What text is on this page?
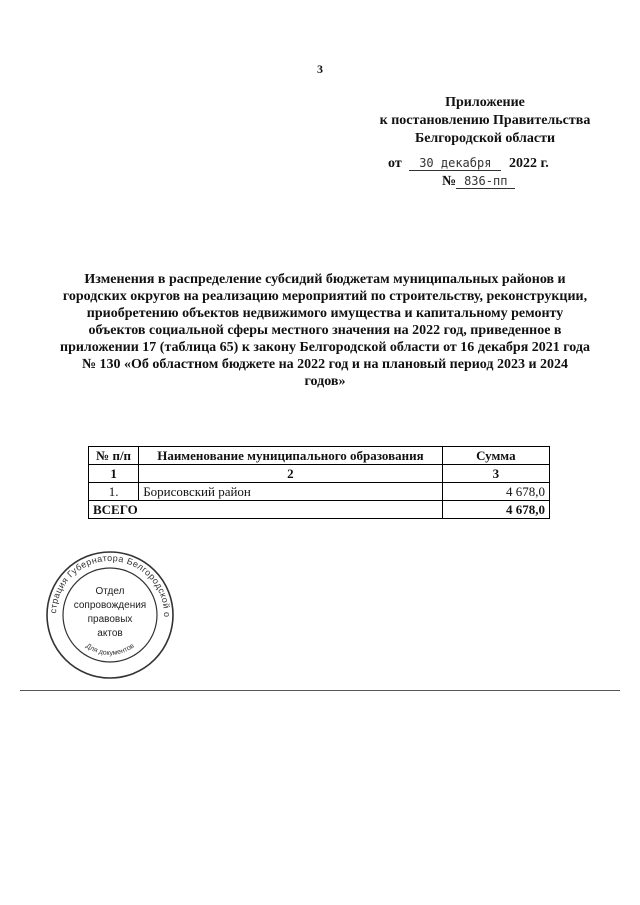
3
Приложение
к постановлению Правительства
Белгородской области
от 30 декабря 2022 г.
№ 836-пп
Изменения в распределение субсидий бюджетам муниципальных районов и городских округов на реализацию мероприятий по строительству, реконструкции, приобретению объектов недвижимого имущества и капитальному ремонту объектов социальной сферы местного значения на 2022 год, приведенное в приложении 17 (таблица 65) к закону Белгородской области от 16 декабря 2021 года № 130 «Об областном бюджете на 2022 год и на плановый период 2023 и 2024 годов»
№ п/п	Наименование муниципального образования	Сумма
1	2	3
1.	Борисовский район	4 678,0
ВСЕГО		4 678,0
страция Губернатора Белгородской о
Для документов
Отдел
сопровождения
правовых
актов
